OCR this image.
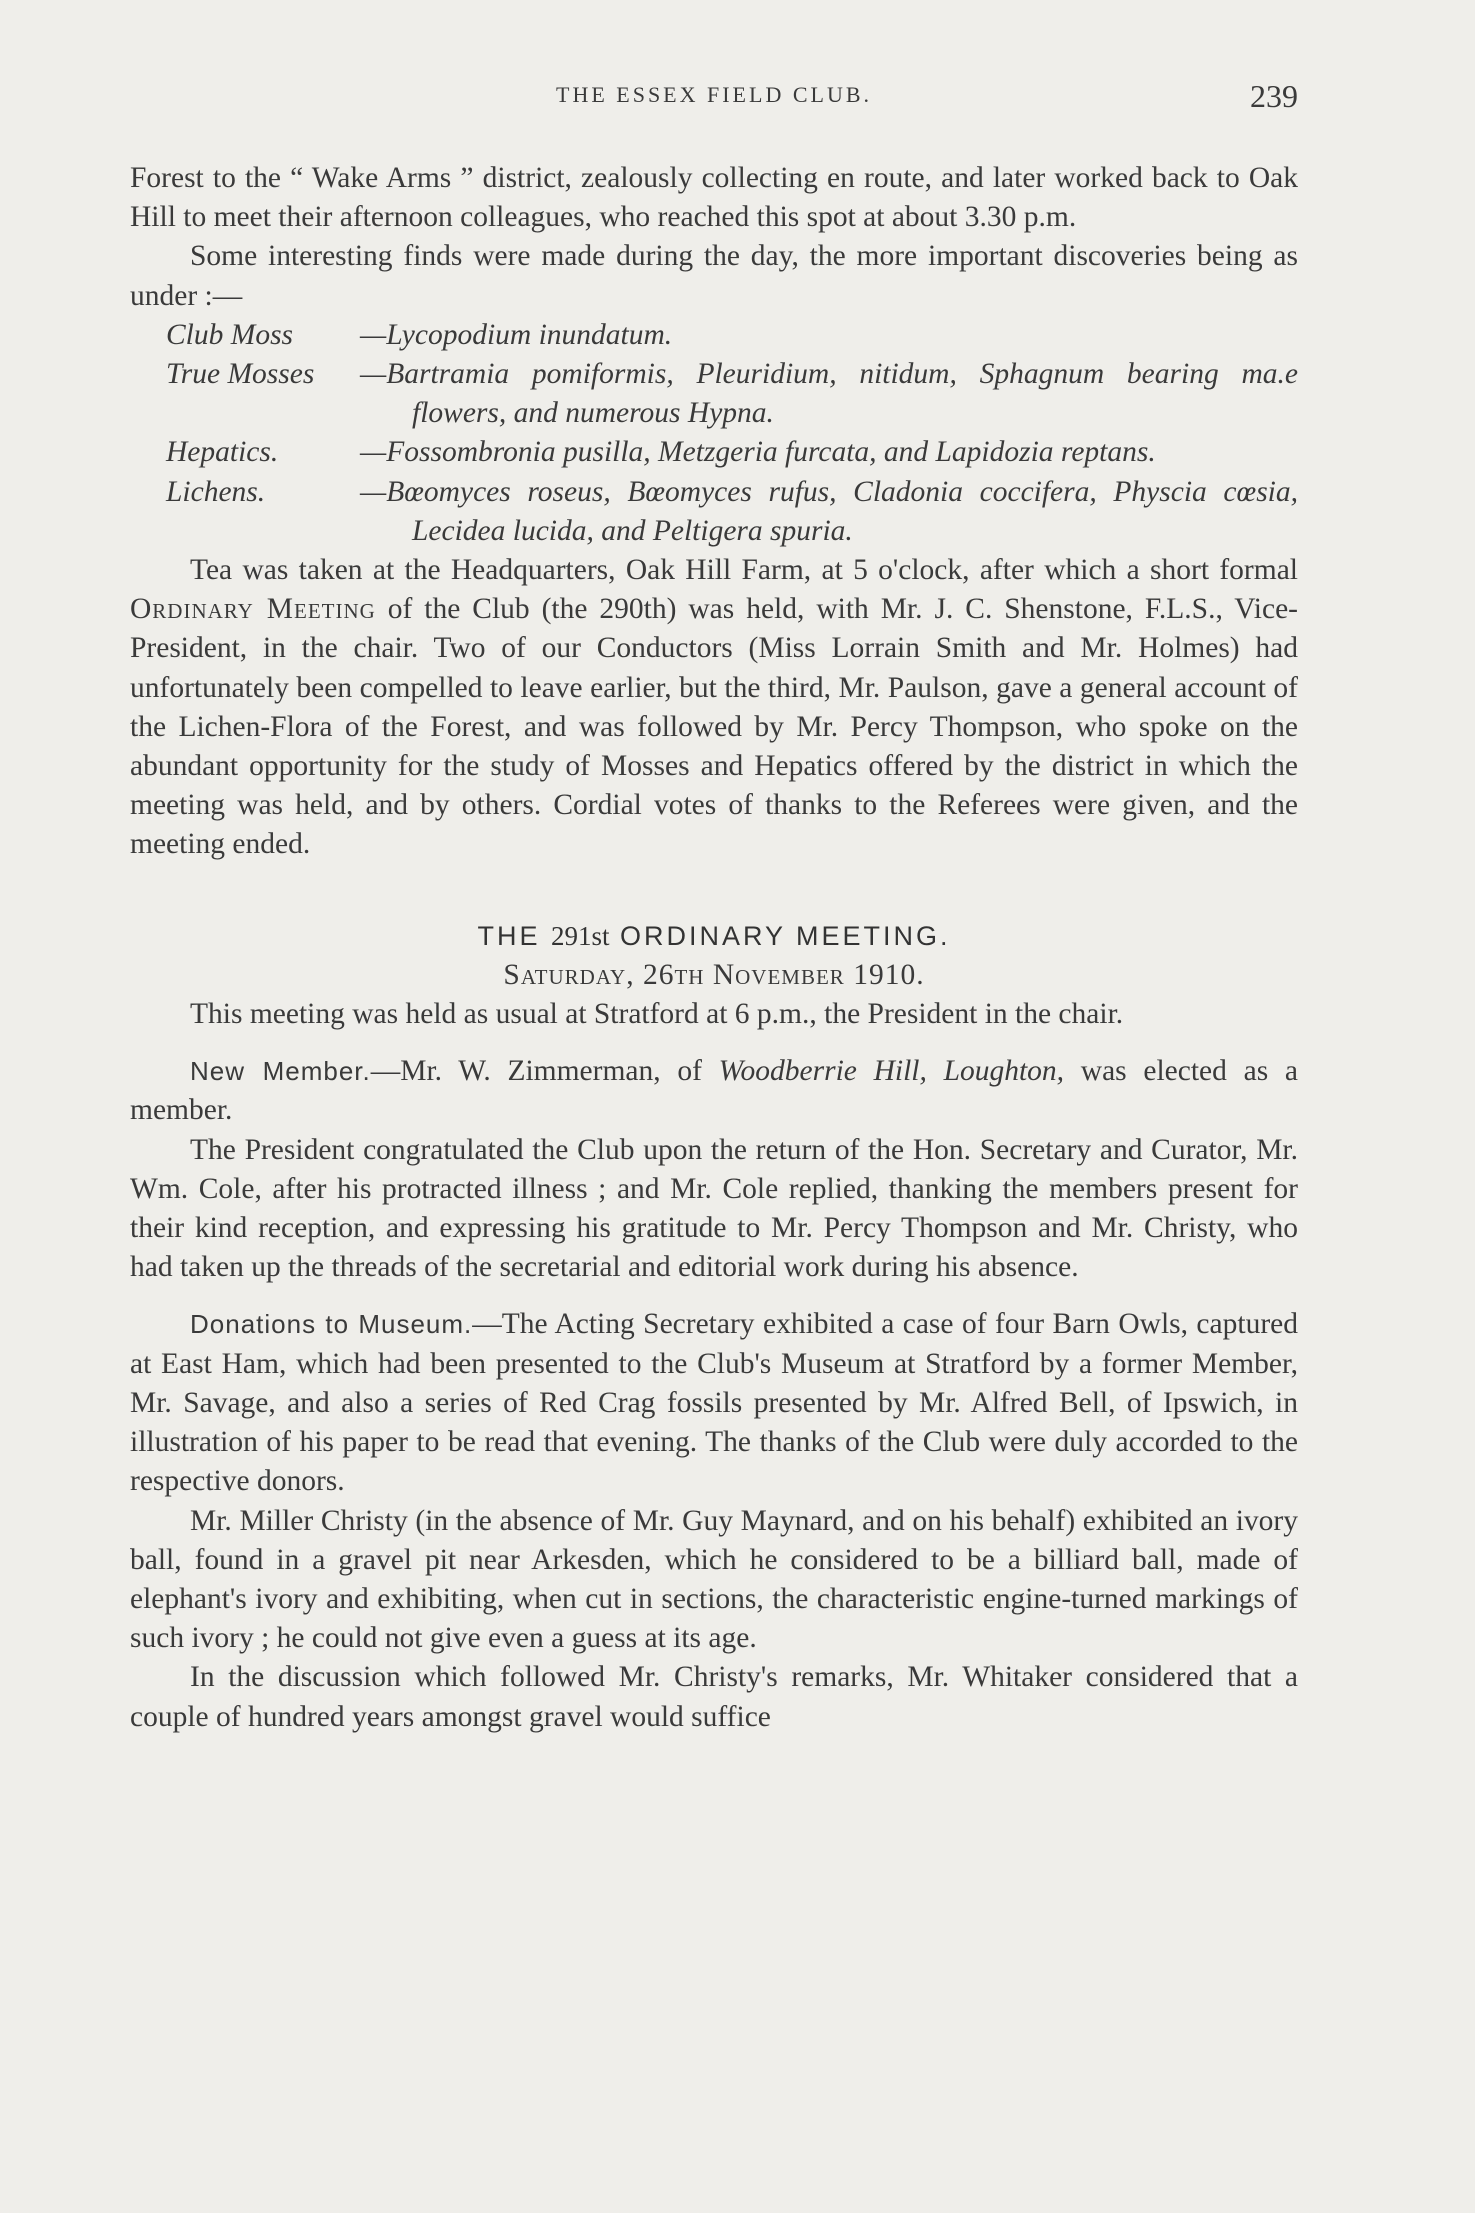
THE ESSEX FIELD CLUB.	239

Forest to the “ Wake Arms ” district, zealously collecting en route, and later worked back to Oak Hill to meet their afternoon colleagues, who reached this spot at about 3.30 p.m.

Some interesting finds were made during the day, the more important discoveries being as under :—

Club Moss	—Lycopodium inundatum.
True Mosses	—Bartramia pomiformis, Pleuridium, nitidum, Sphagnum bearing ma.e flowers, and numerous Hypna.
Hepatics.	—Fossombronia pusilla, Metzgeria furcata, and Lapidozia reptans.
Lichens.	—Bœomyces roseus, Bœomyces rufus, Cladonia coccifera, Physcia cœsia, Lecidea lucida, and Peltigera spuria.

Tea was taken at the Headquarters, Oak Hill Farm, at 5 o'clock, after which a short formal Ordinary Meeting of the Club (the 290th) was held, with Mr. J. C. Shenstone, F.L.S., Vice-President, in the chair. Two of our Conductors (Miss Lorrain Smith and Mr. Holmes) had unfortunately been compelled to leave earlier, but the third, Mr. Paulson, gave a general account of the Lichen-Flora of the Forest, and was followed by Mr. Percy Thompson, who spoke on the abundant opportunity for the study of Mosses and Hepatics offered by the district in which the meeting was held, and by others. Cordial votes of thanks to the Referees were given, and the meeting ended.

THE 291st ORDINARY MEETING.

Saturday, 26th November 1910.

This meeting was held as usual at Stratford at 6 p.m., the President in the chair.

New Member.—Mr. W. Zimmerman, of Woodberrie Hill, Loughton, was elected as a member.

The President congratulated the Club upon the return of the Hon. Secretary and Curator, Mr. Wm. Cole, after his protracted illness ; and Mr. Cole replied, thanking the members present for their kind reception, and expressing his gratitude to Mr. Percy Thompson and Mr. Christy, who had taken up the threads of the secretarial and editorial work during his absence.

Donations to Museum.—The Acting Secretary exhibited a case of four Barn Owls, captured at East Ham, which had been presented to the Club's Museum at Stratford by a former Member, Mr. Savage, and also a series of Red Crag fossils presented by Mr. Alfred Bell, of Ipswich, in illustration of his paper to be read that evening. The thanks of the Club were duly accorded to the respective donors.

Mr. Miller Christy (in the absence of Mr. Guy Maynard, and on his behalf) exhibited an ivory ball, found in a gravel pit near Arkesden, which he considered to be a billiard ball, made of elephant's ivory and exhibiting, when cut in sections, the characteristic engine-turned markings of such ivory ; he could not give even a guess at its age.

In the discussion which followed Mr. Christy's remarks, Mr. Whitaker considered that a couple of hundred years amongst gravel would suffice
